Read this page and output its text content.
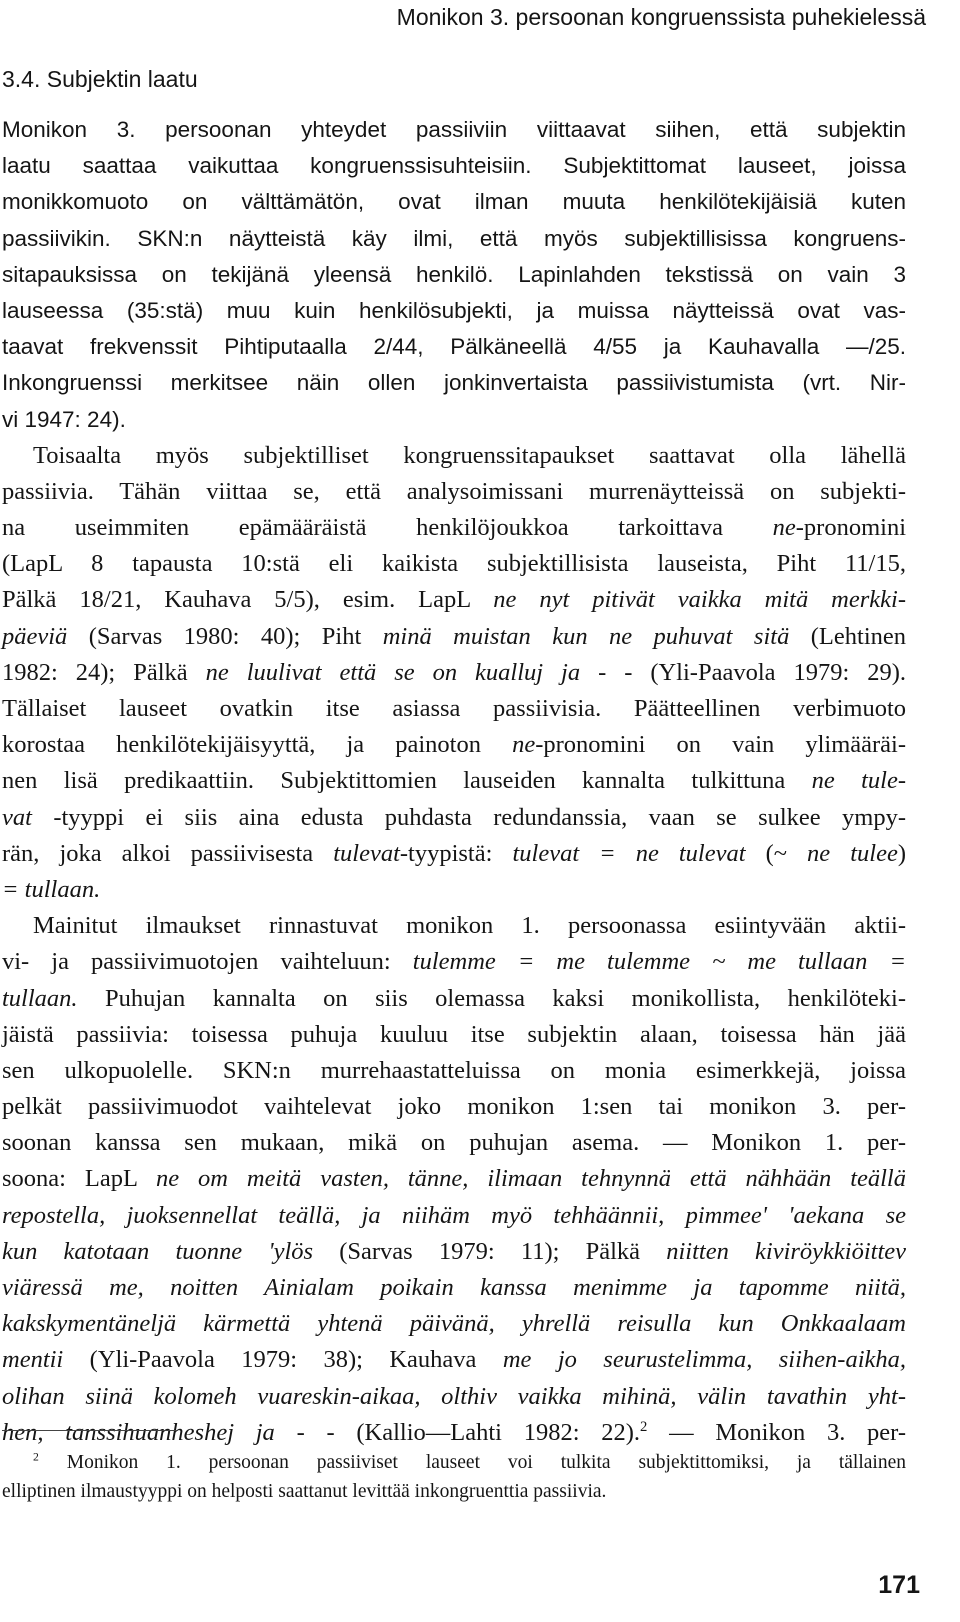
Monikon 3. persoonan kongruenssista puhekielessä
3.4. Subjektin laatu
Monikon 3. persoonan yhteydet passiiviin viittaavat siihen, että subjektin
laatu saattaa vaikuttaa kongruenssisuhteisiin. Subjektittomat lauseet, joissa
monikkomuoto on välttämätön, ovat ilman muuta henkilötekijäisiä kuten
passiivikin. SKN:n näytteistä käy ilmi, että myös subjektillisissa kongruens-
sitapauksissa on tekijänä yleensä henkilö. Lapinlahden tekstissä on vain 3
lauseessa (35:stä) muu kuin henkilösubjekti, ja muissa näytteissä ovat vas-
taavat frekvenssit Pihtiputaalla 2/44, Pälkäneellä 4/55 ja Kauhavalla —/25.
Inkongruenssi merkitsee näin ollen jonkinvertaista passiivistumista (vrt. Nir-
vi 1947: 24).
Toisaalta myös subjektilliset kongruenssitapaukset saattavat olla lähellä
passiivia. Tähän viittaa se, että analysoimissani murrenäytteissä on subjekti-
na useimmiten epämääräistä henkilöjoukkoa tarkoittava ne-pronomini
(LapL 8 tapausta 10:stä eli kaikista subjektillisista lauseista, Piht 11/15,
Pälkä 18/21, Kauhava 5/5), esim. LapL ne nyt pitivät vaikka mitä merkki-
päeviä (Sarvas 1980: 40); Piht minä muistan kun ne puhuvat sitä (Lehtinen
1982: 24); Pälkä ne luulivat että se on kualluj ja - - (Yli-Paavola 1979: 29).
Tällaiset lauseet ovatkin itse asiassa passiivisia. Päätteellinen verbimuoto
korostaa henkilötekijäisyyttä, ja painoton ne-pronomini on vain ylimääräi-
nen lisä predikaattiin. Subjektittomien lauseiden kannalta tulkittuna ne tule-
vat -tyyppi ei siis aina edusta puhdasta redundanssia, vaan se sulkee ympy-
rän, joka alkoi passiivisesta tulevat-tyypistä: tulevat = ne tulevat (~ ne tulee)
= tullaan.
Mainitut ilmaukset rinnastuvat monikon 1. persoonassa esiintyvään aktii-
vi- ja passiivimuotojen vaihteluun: tulemme = me tulemme ~ me tullaan =
tullaan. Puhujan kannalta on siis olemassa kaksi monikollista, henkilöteki-
jäistä passiivia: toisessa puhuja kuuluu itse subjektin alaan, toisessa hän jää
sen ulkopuolelle. SKN:n murrehaastatteluissa on monia esimerkkejä, joissa
pelkät passiivimuodot vaihtelevat joko monikon 1:sen tai monikon 3. per-
soonan kanssa sen mukaan, mikä on puhujan asema. — Monikon 1. per-
soona: LapL ne om meitä vasten, tänne, ilimaan tehnynnä että nähhään teällä
repostella, juoksennellat teällä, ja niihäm myö tehhäännii, pimmee' 'aekana se
kun katotaan tuonne 'ylös (Sarvas 1979: 11); Pälkä niitten kiviröykkiöittev
viäressä me, noitten Ainialam poikain kanssa menimme ja tapomme niitä,
kakskymentäneljä kärmettä yhtenä päivänä, yhrellä reisulla kun Onkkaalaam
mentii (Yli-Paavola 1979: 38); Kauhava me jo seurustelimma, siihen-aikha,
olihan siinä kolomeh vuareskin-aikaa, olthiv vaikka mihinä, välin tavathin yht-
hen, tanssihuanheshej ja - - (Kallio—Lahti 1982: 22).$^2$ — Monikon 3. per-
$^2$ Monikon 1. persoonan passiiviset lauseet voi tulkita subjektittomiksi, ja tällainen
elliptinen ilmaustyyppi on helposti saattanut levittää inkongruenttia passiivia.
171
